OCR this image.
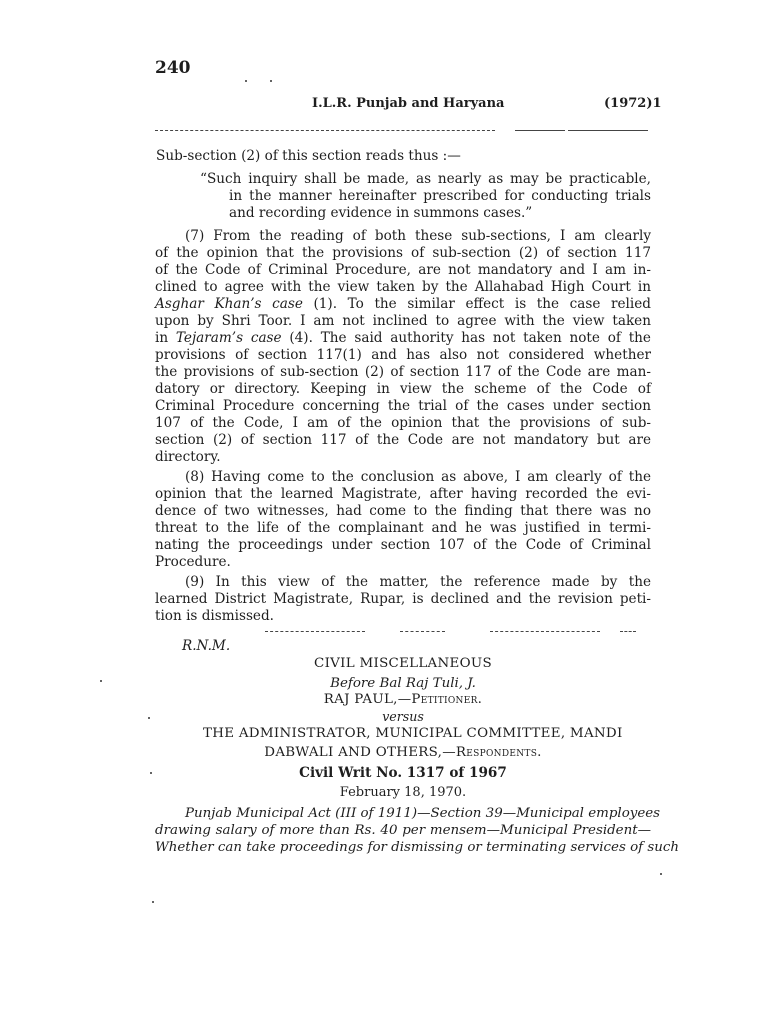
240
I.L.R. Punjab and Haryana	(1972)1
Sub-section (2) of this section reads thus :—
“Such inquiry shall be made, as nearly as may be practicable,
in the manner hereinafter prescribed for conducting trials
and recording evidence in summons cases.”
(7) From the reading of both these sub-sections, I am clearly
of the opinion that the provisions of sub-section (2) of section 117
of the Code of Criminal Procedure, are not mandatory and I am in-
clined to agree with the view taken by the Allahabad High Court in
Asghar Khan’s case (1). To the similar effect is the case relied
upon by Shri Toor. I am not inclined to agree with the view taken
in Tejaram’s case (4). The said authority has not taken note of the
provisions of section 117(1) and has also not considered whether
the provisions of sub-section (2) of section 117 of the Code are man-
datory or directory. Keeping in view the scheme of the Code of
Criminal Procedure concerning the trial of the cases under section
107 of the Code, I am of the opinion that the provisions of sub-
section (2) of section 117 of the Code are not mandatory but are
directory.
(8) Having come to the conclusion as above, I am clearly of the
opinion that the learned Magistrate, after having recorded the evi-
dence of two witnesses, had come to the finding that there was no
threat to the life of the complainant and he was justified in termi-
nating the proceedings under section 107 of the Code of Criminal
Procedure.
(9) In this view of the matter, the reference made by the
learned District Magistrate, Rupar, is declined and the revision peti-
tion is dismissed.
R.N.M.
CIVIL MISCELLANEOUS
Before Bal Raj Tuli, J.
RAJ PAUL,—Petitioner.
versus
THE ADMINISTRATOR, MUNICIPAL COMMITTEE, MANDI
DABWALI AND OTHERS,—Respondents.
Civil Writ No. 1317 of 1967
February 18, 1970.
Punjab Municipal Act (III of 1911)—Section 39—Municipal employees
drawing salary of more than Rs. 40 per mensem—Municipal President—
Whether can take proceedings for dismissing or terminating services of such
